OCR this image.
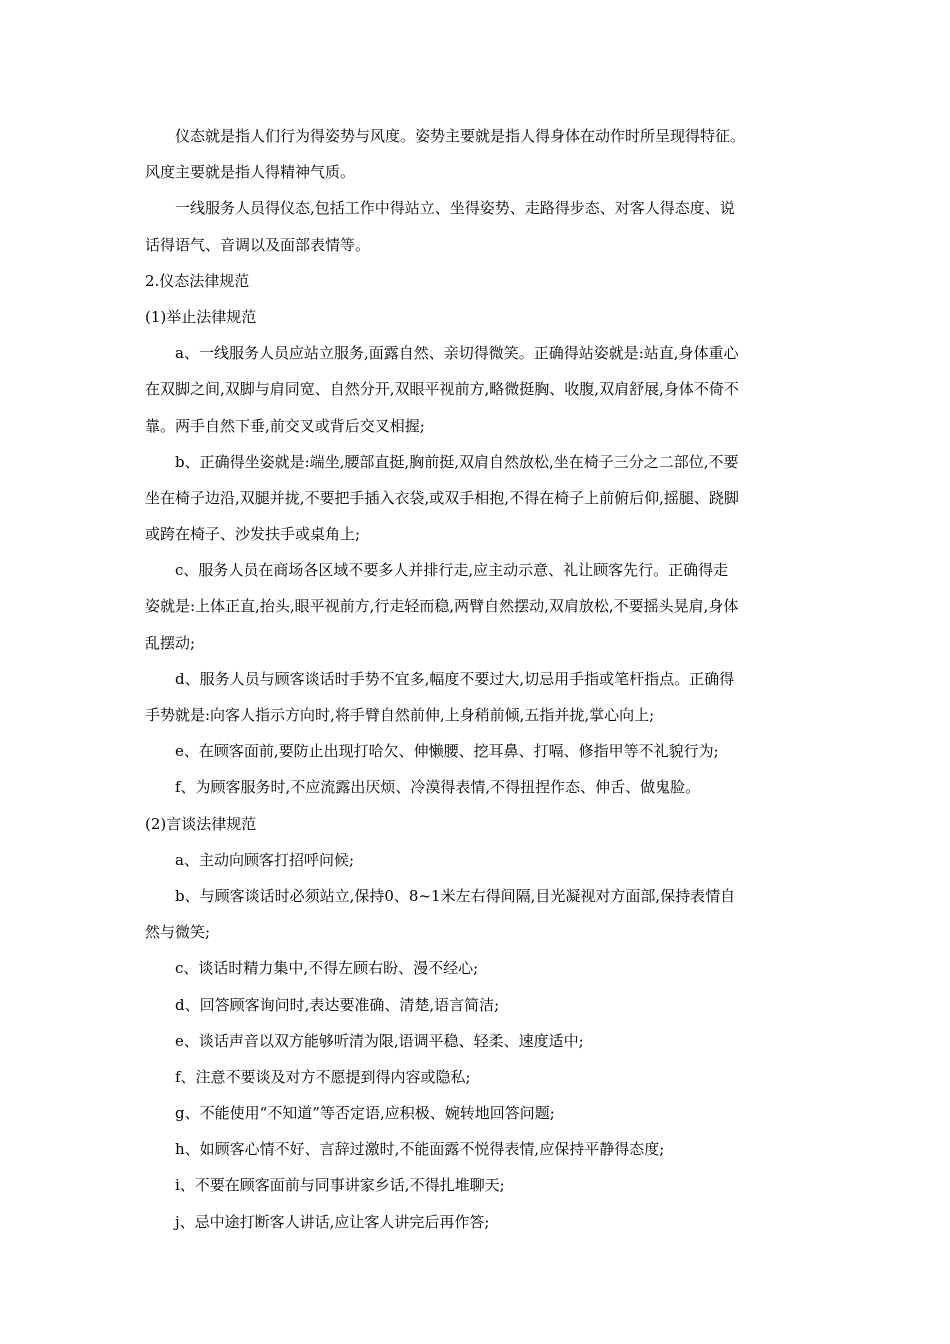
仪态就是指人们行为得姿势与风度。姿势主要就是指人得身体在动作时所呈现得特征。
风度主要就是指人得精神气质。
一线服务人员得仪态,包括工作中得站立、坐得姿势、走路得步态、对客人得态度、说
话得语气、音调以及面部表情等。
2.仪态法律规范
(1)举止法律规范
a、一线服务人员应站立服务,面露自然、亲切得微笑。正确得站姿就是:站直,身体重心
在双脚之间,双脚与肩同宽、自然分开,双眼平视前方,略微挺胸、收腹,双肩舒展,身体不倚不
靠。两手自然下垂,前交叉或背后交叉相握;
b、正确得坐姿就是:端坐,腰部直挺,胸前挺,双肩自然放松,坐在椅子三分之二部位,不要
坐在椅子边沿,双腿并拢,不要把手插入衣袋,或双手相抱,不得在椅子上前俯后仰,摇腿、跷脚
或跨在椅子、沙发扶手或桌角上;
c、服务人员在商场各区域不要多人并排行走,应主动示意、礼让顾客先行。正确得走
姿就是:上体正直,抬头,眼平视前方,行走轻而稳,两臂自然摆动,双肩放松,不要摇头晃肩,身体
乱摆动;
d、服务人员与顾客谈话时手势不宜多,幅度不要过大,切忌用手指或笔杆指点。正确得
手势就是:向客人指示方向时,将手臂自然前伸,上身稍前倾,五指并拢,掌心向上;
e、在顾客面前,要防止出现打哈欠、伸懒腰、挖耳鼻、打嗝、修指甲等不礼貌行为;
f、为顾客服务时,不应流露出厌烦、冷漠得表情,不得扭捏作态、伸舌、做鬼脸。
(2)言谈法律规范
a、主动向顾客打招呼问候;
b、与顾客谈话时必须站立,保持0、8~1米左右得间隔,目光凝视对方面部,保持表情自
然与微笑;
c、谈话时精力集中,不得左顾右盼、漫不经心;
d、回答顾客询问时,表达要准确、清楚,语言简洁;
e、谈话声音以双方能够听清为限,语调平稳、轻柔、速度适中;
f、注意不要谈及对方不愿提到得内容或隐私;
g、不能使用“不知道”等否定语,应积极、婉转地回答问题;
h、如顾客心情不好、言辞过激时,不能面露不悦得表情,应保持平静得态度;
i、不要在顾客面前与同事讲家乡话,不得扎堆聊天;
j、忌中途打断客人讲话,应让客人讲完后再作答;
